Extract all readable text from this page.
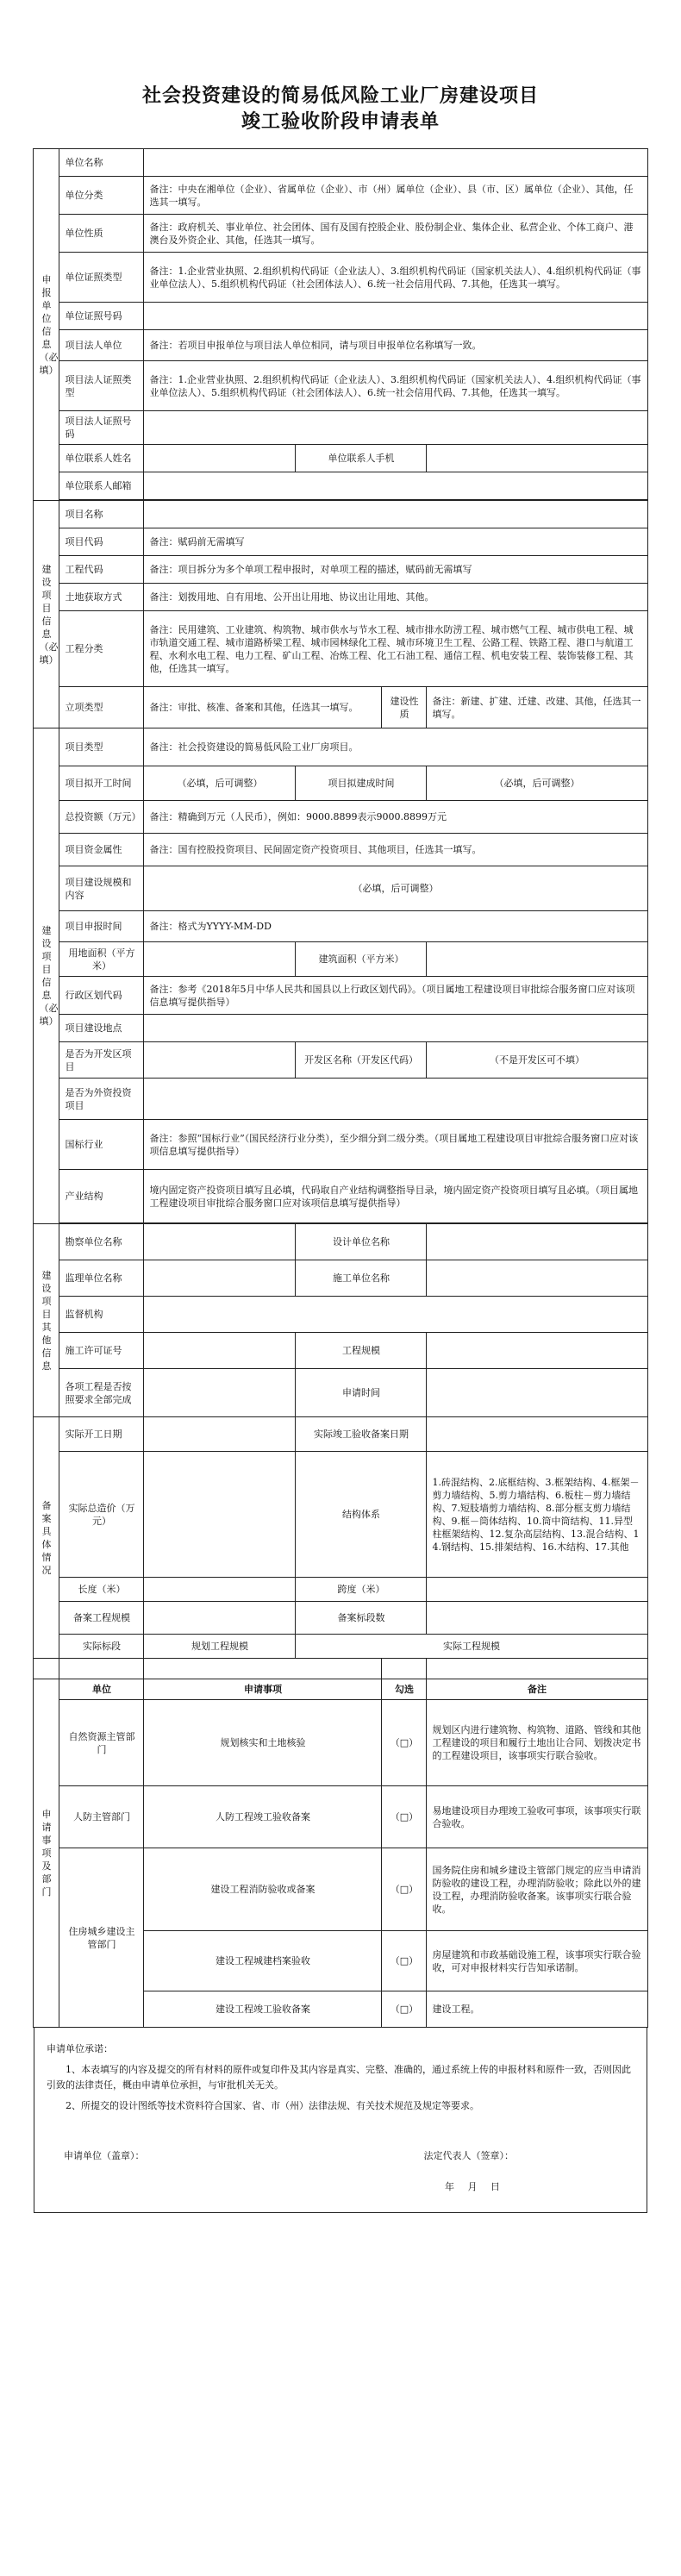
社会投资建设的简易低风险工业厂房建设项目
竣工验收阶段申请表单
申报单位信息（必填）	单位名称				
	单位分类	备注：中央在湘单位（企业）、省属单位（企业）、市（州）属单位（企业）、县（市、区）属单位（企业）、其他，任选其一填写。			
	单位性质	备注：政府机关、事业单位、社会团体、国有及国有控股企业、股份制企业、集体企业、私营企业、个体工商户、港澳台及外资企业、其他，任选其一填写。			
	单位证照类型	备注：1.企业营业执照、2.组织机构代码证（企业法人）、3.组织机构代码证（国家机关法人）、4.组织机构代码证（事业单位法人）、5.组织机构代码证（社会团体法人）、6.统一社会信用代码、7.其他，任选其一填写。			
	单位证照号码				
	项目法人单位	备注：若项目申报单位与项目法人单位相同，请与项目申报单位名称填写一致。			
	项目法人证照类型	备注：1.企业营业执照、2.组织机构代码证（企业法人）、3.组织机构代码证（国家机关法人）、4.组织机构代码证（事业单位法人）、5.组织机构代码证（社会团体法人）、6.统一社会信用代码、7.其他，任选其一填写。			
	项目法人证照号码				
	单位联系人姓名		单位联系人手机		
	单位联系人邮箱				

建设项目信息（必填）	项目名称				
	项目代码	备注：赋码前无需填写			
	工程代码	备注：项目拆分为多个单项工程申报时，对单项工程的描述，赋码前无需填写			
	土地获取方式	备注：划拨用地、自有用地、公开出让用地、协议出让用地、其他。			
	工程分类	备注：民用建筑、工业建筑、构筑物、城市供水与节水工程、城市排水防涝工程、城市燃气工程、城市供电工程、城市轨道交通工程、城市道路桥梁工程、城市园林绿化工程、城市环境卫生工程、公路工程、铁路工程、港口与航道工程、水利水电工程、电力工程、矿山工程、冶炼工程、化工石油工程、通信工程、机电安装工程、装饰装修工程、其他，任选其一填写。			
	立项类型	备注：审批、核准、备案和其他，任选其一填写。		建设性质	备注：新建、扩建、迁建、改建、其他，任选其一填写。
建设项目信息（必填）	项目类型	备注：社会投资建设的简易低风险工业厂房项目。			
	项目拟开工时间	（必填，后可调整）	项目拟建成时间		（必填，后可调整）
	总投资额（万元）	备注：精确到万元（人民币），例如：9000.8899表示9000.8899万元			
	项目资金属性	备注：国有控股投资项目、民间固定资产投资项目、其他项目，任选其一填写。			
	项目建设规模和内容	（必填，后可调整）			
	项目申报时间	备注：格式为YYYY-MM-DD			
	用地面积（平方米）		建筑面积（平方米）		
	行政区划代码	备注：参考《2018年5月中华人民共和国县以上行政区划代码》。（项目属地工程建设项目审批综合服务窗口应对该项信息填写提供指导）			
	项目建设地点				
	是否为开发区项目		开发区名称（开发区代码）		（不是开发区可不填）
	是否为外资投资项目				
	国标行业	备注：参照“国标行业”（国民经济行业分类），至少细分到二级分类。（项目属地工程建设项目审批综合服务窗口应对该项信息填写提供指导）			
	产业结构	境内固定资产投资项目填写且必填，代码取自产业结构调整指导目录，境内固定资产投资项目填写且必填。（项目属地工程建设项目审批综合服务窗口应对该项信息填写提供指导）			

建设项目其他信息	勘察单位名称		设计单位名称		
	监理单位名称		施工单位名称		
	监督机构				
	施工许可证号		工程规模		
	各项工程是否按照要求全部完成		申请时间		
备案具体情况	实际开工日期		实际竣工验收备案日期		
	实际总造价（万元）		结构体系		1.砖混结构、2.底框结构、3.框架结构、4.框架－剪力墙结构、5.剪力墙结构、6.板柱－剪力墙结构、7.短肢墙剪力墙结构、8.部分框支剪力墙结构、9.框－筒体结构、10.筒中筒结构、11.异型柱框架结构、12.复杂高层结构、13.混合结构、14.钢结构、15.排架结构、16.木结构、17.其他
	长度（米）		跨度（米）		
	备案工程规模		备案标段数		
	实际标段	规划工程规模	实际工程规模		

申请事项及部门	单位	申请事项		勾选	备注
	自然资源主管部门	规划核实和土地核验		（□）	规划区内进行建筑物、构筑物、道路、管线和其他工程建设的项目和履行土地出让合同、划拨决定书的工程建设项目，该事项实行联合验收。
	人防主管部门	人防工程竣工验收备案		（□）	易地建设项目办理竣工验收可事项，该事项实行联合验收。
	住房城乡建设主管部门	建设工程消防验收或备案		（□）	国务院住房和城乡建设主管部门规定的应当申请消防验收的建设工程，办理消防验收；除此以外的建设工程，办理消防验收备案。该事项实行联合验收。
		建设工程城建档案验收		（□）	房屋建筑和市政基础设施工程，该事项实行联合验收，可对申报材料实行告知承诺制。
		建设工程竣工验收备案		（□）	建设工程。

申请单位承诺：

1、本表填写的内容及提交的所有材料的原件或复印件及其内容是真实、完整、准确的，通过系统上传的申报材料和原件一致，否则因此引致的法律责任，概由申请单位承担，与审批机关无关。

2、所提交的设计图纸等技术资料符合国家、省、市（州）法律法规、有关技术规范及规定等要求。

申请单位（盖章）：	法定代表人（签章）：
年 月 日
